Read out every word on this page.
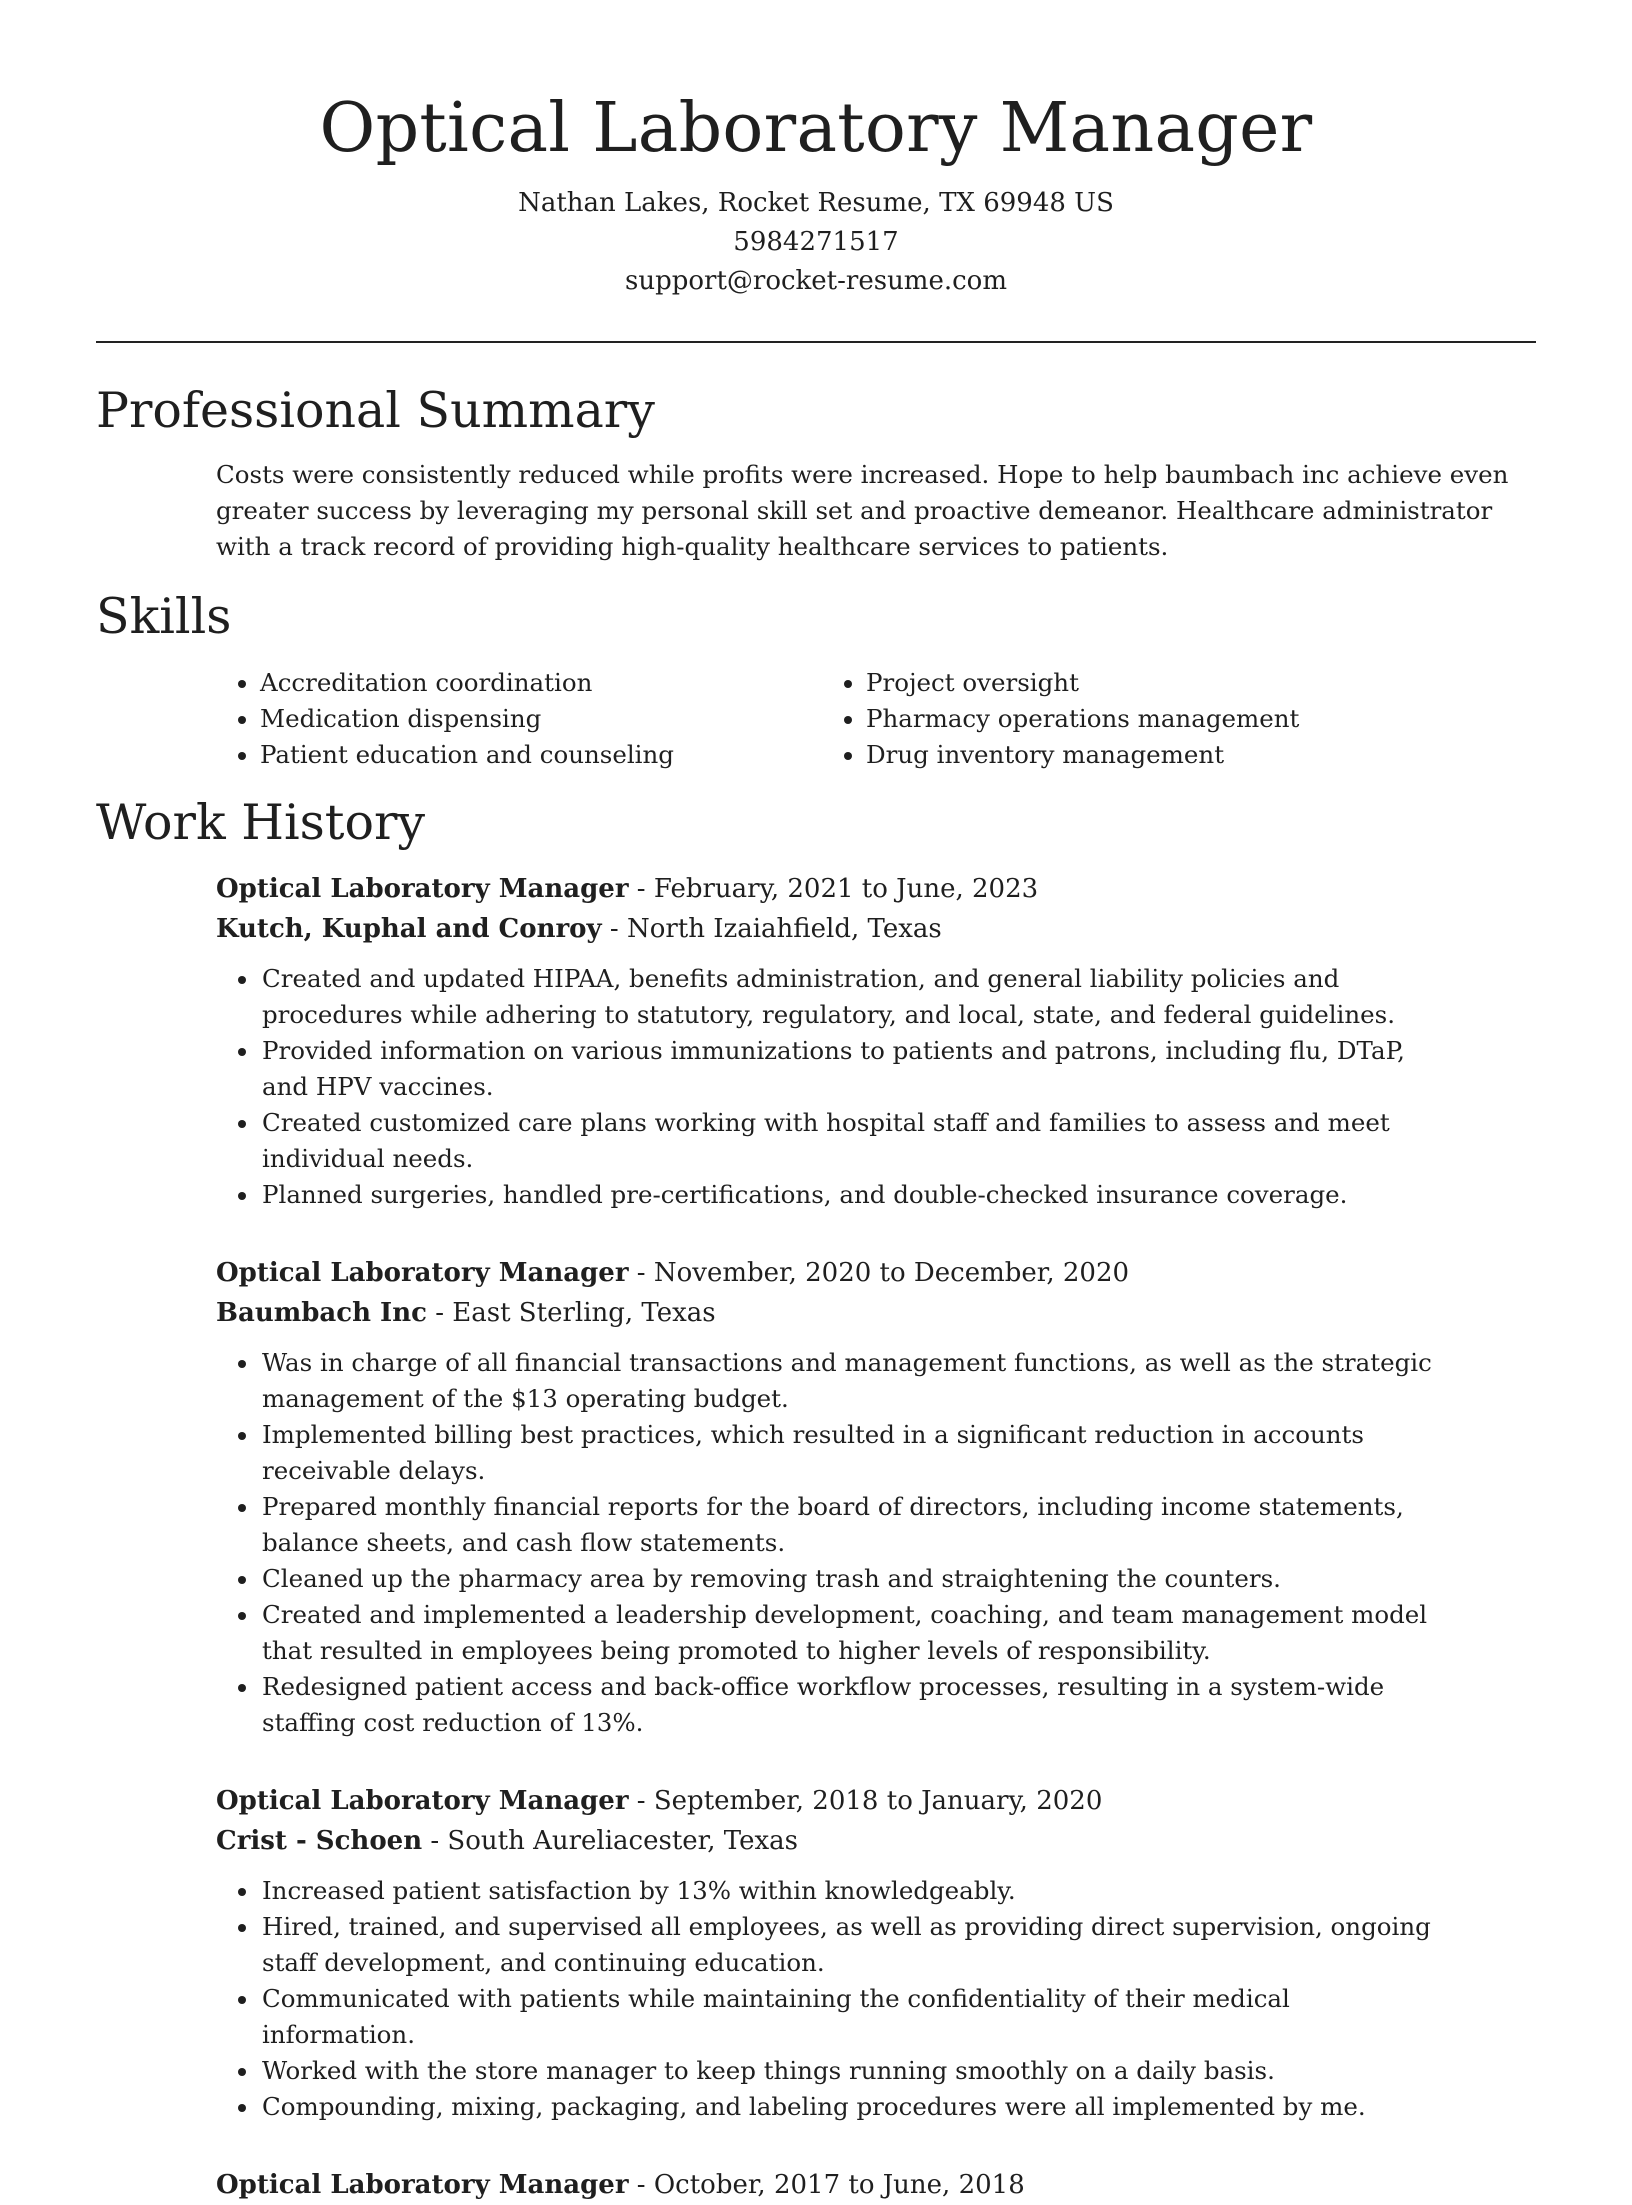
Optical Laboratory Manager
Nathan Lakes, Rocket Resume, TX 69948 US
5984271517
support@rocket-resume.com
Professional Summary
Costs were consistently reduced while profits were increased. Hope to help baumbach inc achieve even greater success by leveraging my personal skill set and proactive demeanor. Healthcare administrator with a track record of providing high-quality healthcare services to patients.
Skills
• Accreditation coordination
• Medication dispensing
• Patient education and counseling
• Project oversight
• Pharmacy operations management
• Drug inventory management
Work History
Optical Laboratory Manager - February, 2021 to June, 2023
Kutch, Kuphal and Conroy - North Izaiahfield, Texas
• Created and updated HIPAA, benefits administration, and general liability policies and procedures while adhering to statutory, regulatory, and local, state, and federal guidelines.
• Provided information on various immunizations to patients and patrons, including flu, DTaP, and HPV vaccines.
• Created customized care plans working with hospital staff and families to assess and meet individual needs.
• Planned surgeries, handled pre-certifications, and double-checked insurance coverage.
Optical Laboratory Manager - November, 2020 to December, 2020
Baumbach Inc - East Sterling, Texas
• Was in charge of all financial transactions and management functions, as well as the strategic management of the $13 operating budget.
• Implemented billing best practices, which resulted in a significant reduction in accounts receivable delays.
• Prepared monthly financial reports for the board of directors, including income statements, balance sheets, and cash flow statements.
• Cleaned up the pharmacy area by removing trash and straightening the counters.
• Created and implemented a leadership development, coaching, and team management model that resulted in employees being promoted to higher levels of responsibility.
• Redesigned patient access and back-office workflow processes, resulting in a system-wide staffing cost reduction of 13%.
Optical Laboratory Manager - September, 2018 to January, 2020
Crist - Schoen - South Aureliacester, Texas
• Increased patient satisfaction by 13% within knowledgeably.
• Hired, trained, and supervised all employees, as well as providing direct supervision, ongoing staff development, and continuing education.
• Communicated with patients while maintaining the confidentiality of their medical information.
• Worked with the store manager to keep things running smoothly on a daily basis.
• Compounding, mixing, packaging, and labeling procedures were all implemented by me.
Optical Laboratory Manager - October, 2017 to June, 2018
